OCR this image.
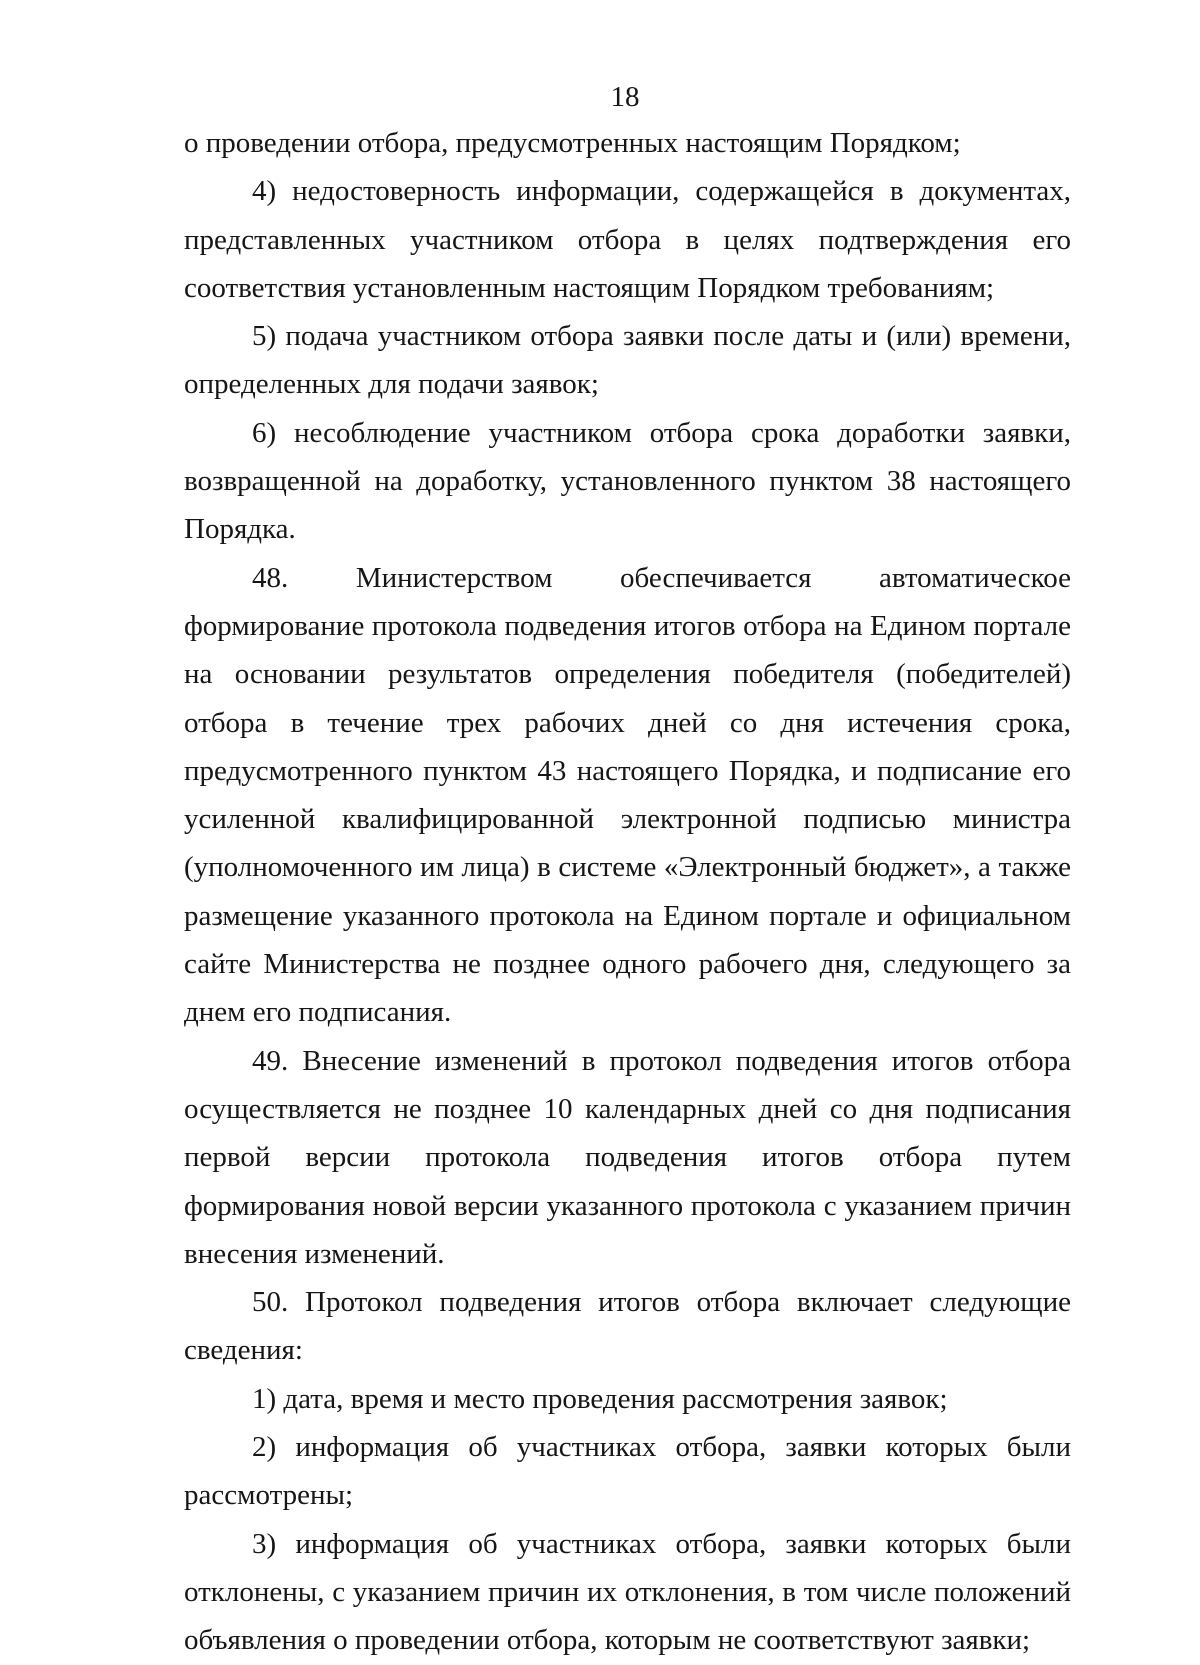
18

о проведении отбора, предусмотренных настоящим Порядком;

4) недостоверность информации, содержащейся в документах, представленных участником отбора в целях подтверждения его соответствия установленным настоящим Порядком требованиям;

5) подача участником отбора заявки после даты и (или) времени, определенных для подачи заявок;

6) несоблюдение участником отбора срока доработки заявки, возвращенной на доработку, установленного пунктом 38 настоящего Порядка.

48. Министерством обеспечивается автоматическое формирование протокола подведения итогов отбора на Едином портале на основании результатов определения победителя (победителей) отбора в течение трех рабочих дней со дня истечения срока, предусмотренного пунктом 43 настоящего Порядка, и подписание его усиленной квалифицированной электронной подписью министра (уполномоченного им лица) в системе «Электронный бюджет», а также размещение указанного протокола на Едином портале и официальном сайте Министерства не позднее одного рабочего дня, следующего за днем его подписания.

49. Внесение изменений в протокол подведения итогов отбора осуществляется не позднее 10 календарных дней со дня подписания первой версии протокола подведения итогов отбора путем формирования новой версии указанного протокола с указанием причин внесения изменений.

50. Протокол подведения итогов отбора включает следующие сведения:

1) дата, время и место проведения рассмотрения заявок;

2) информация об участниках отбора, заявки которых были рассмотрены;

3) информация об участниках отбора, заявки которых были отклонены, с указанием причин их отклонения, в том числе положений объявления о проведении отбора, которым не соответствуют заявки;
